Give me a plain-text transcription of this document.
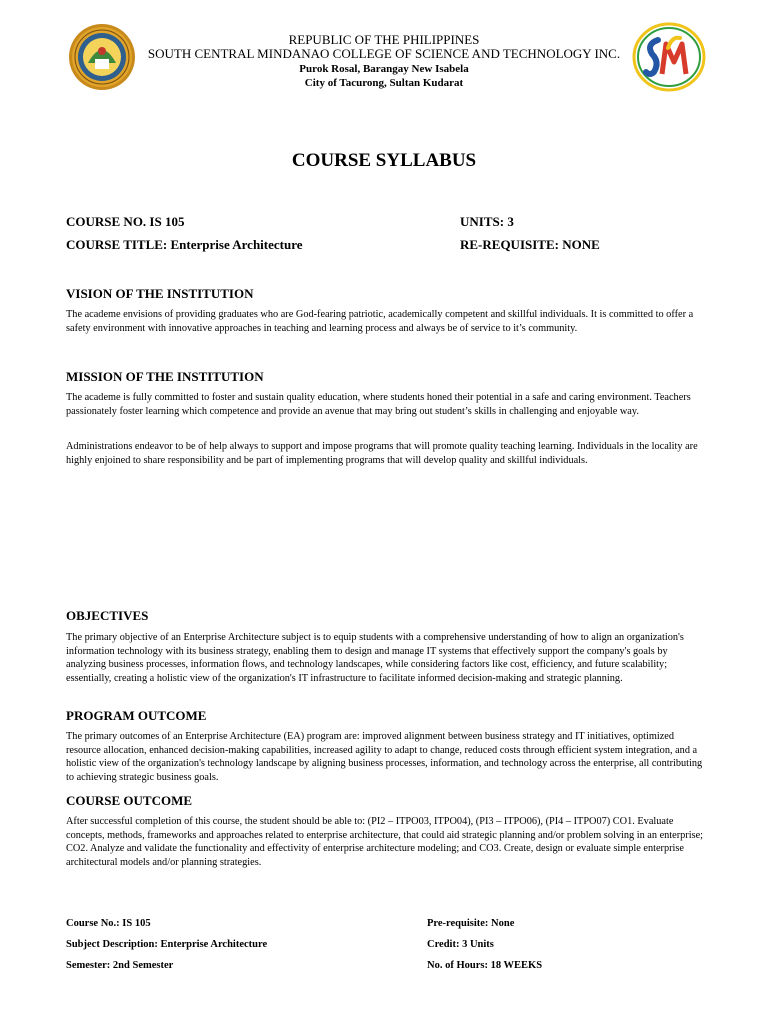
REPUBLIC OF THE PHILIPPINES
SOUTH CENTRAL MINDANAO COLLEGE OF SCIENCE AND TECHNOLOGY INC.
Purok Rosal, Barangay New Isabela
City of Tacurong, Sultan Kudarat
COURSE SYLLABUS
COURSE NO. IS 105	UNITS: 3
COURSE TITLE: Enterprise Architecture	RE-REQUISITE: NONE
VISION OF THE INSTITUTION
The academe envisions of providing graduates who are God-fearing patriotic, academically competent and skillful individuals. It is committed to offer a safety environment with innovative approaches in teaching and learning process and always be of service to it’s community.
MISSION OF THE INSTITUTION
The academe is fully committed to foster and sustain quality education, where students honed their potential in a safe and caring environment. Teachers passionately foster learning which competence and provide an avenue that may bring out student’s skills in challenging and enjoyable way.
Administrations endeavor to be of help always to support and impose programs that will promote quality teaching learning. Individuals in the locality are highly enjoined to share responsibility and be part of implementing programs that will develop quality and skillful individuals.
OBJECTIVES
The primary objective of an Enterprise Architecture subject is to equip students with a comprehensive understanding of how to align an organization's information technology with its business strategy, enabling them to design and manage IT systems that effectively support the company's goals by analyzing business processes, information flows, and technology landscapes, while considering factors like cost, efficiency, and future scalability; essentially, creating a holistic view of the organization's IT infrastructure to facilitate informed decision-making and strategic planning.
PROGRAM OUTCOME
The primary outcomes of an Enterprise Architecture (EA) program are: improved alignment between business strategy and IT initiatives, optimized resource allocation, enhanced decision-making capabilities, increased agility to adapt to change, reduced costs through efficient system integration, and a holistic view of the organization's technology landscape by aligning business processes, information, and technology across the enterprise, all contributing to achieving strategic business goals.
COURSE OUTCOME
After successful completion of this course, the student should be able to: (PI2 – ITPO03, ITPO04), (PI3 – ITPO06), (PI4 – ITPO07) CO1. Evaluate concepts, methods, frameworks and approaches related to enterprise architecture, that could aid strategic planning and/or problem solving in an enterprise; CO2. Analyze and validate the functionality and effectivity of enterprise architecture modeling; and CO3. Create, design or evaluate simple enterprise architectural models and/or planning strategies.
Course No.: IS 105
Subject Description: Enterprise Architecture
Semester: 2nd Semester
Pre-requisite: None
Credit: 3 Units
No. of Hours: 18 WEEKS
